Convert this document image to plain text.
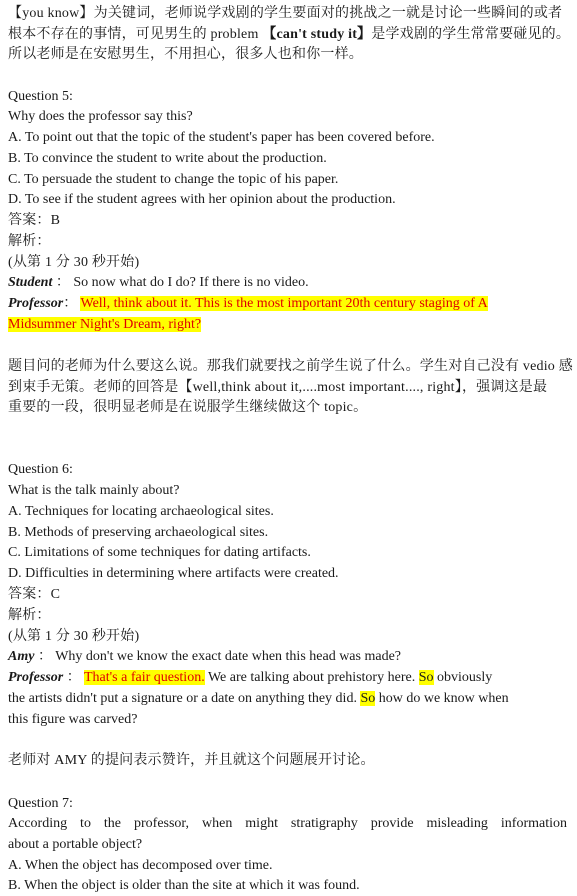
【you know】为关键词，老师说学戏剧的学生要面对的挑战之一就是讨论一些瞬间的或者
根本不存在的事情，可见男生的 problem 【can't study it】是学戏剧的学生常常要碰见的。
所以老师是在安慰男生，不用担心，很多人也和你一样。
Question 5:
Why does the professor say this?
A. To point out that the topic of the student's paper has been covered before.
B. To convince the student to write about the production.
C. To persuade the student to change the topic of his paper.
D. To see if the student agrees with her opinion about the production.
答案：B
解析：
(从第 1 分 30 秒开始)
Student ： So now what do I do? If there is no video.
Professor： Well, think about it. This is the most important 20th century staging of A
Midsummer Night's Dream, right?
题目问的老师为什么要这么说。那我们就要找之前学生说了什么。学生对自己没有 vedio 感
到束手无策。老师的回答是【well,think about it,....most important...., right】，强调这是最
重要的一段，很明显老师是在说服学生继续做这个 topic。
Question 6:
What is the talk mainly about?
A. Techniques for locating archaeological sites.
B. Methods of preserving archaeological sites.
C. Limitations of some techniques for dating artifacts.
D. Difficulties in determining where artifacts were created.
答案：C
解析：
(从第 1 分 30 秒开始)
Amy ： Why don't we know the exact date when this head was made?
Professor ： That's a fair question. We are talking about prehistory here. So obviously
the artists didn't put a signature or a date on anything they did. So how do we know when
this figure was carved?
老师对 AMY 的提问表示赞许，并且就这个问题展开讨论。
Question 7:
According to the professor, when might stratigraphy provide misleading information
about a portable object?
A. When the object has decomposed over time.
B. When the object is older than the site at which it was found.
